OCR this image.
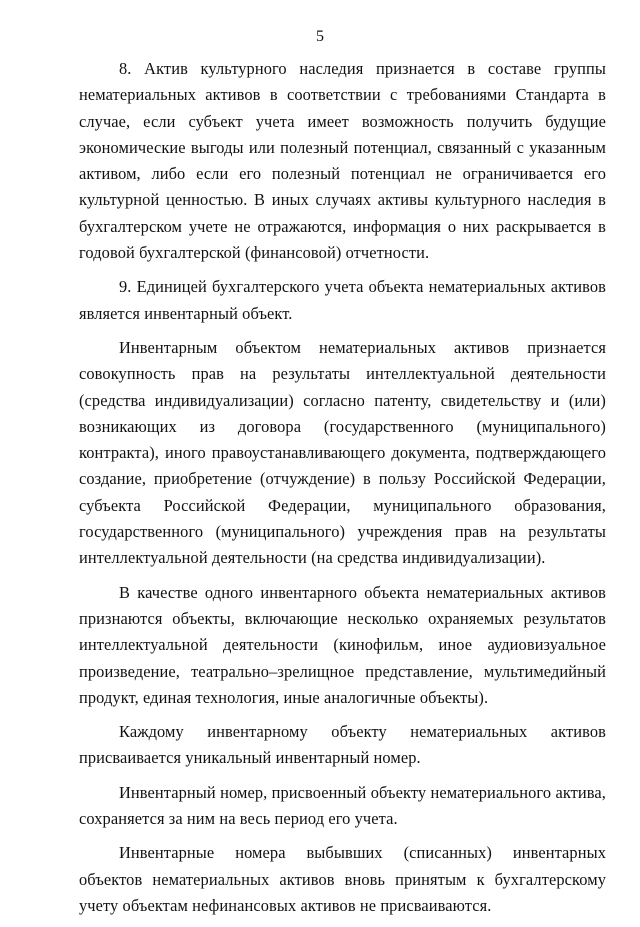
5

8. Актив культурного наследия признается в составе группы нематериальных активов в соответствии с требованиями Стандарта в случае, если субъект учета имеет возможность получить будущие экономические выгоды или полезный потенциал, связанный с указанным активом, либо если его полезный потенциал не ограничивается его культурной ценностью. В иных случаях активы культурного наследия в бухгалтерском учете не отражаются, информация о них раскрывается в годовой бухгалтерской (финансовой) отчетности.

9. Единицей бухгалтерского учета объекта нематериальных активов является инвентарный объект.

Инвентарным объектом нематериальных активов признается совокупность прав на результаты интеллектуальной деятельности (средства индивидуализации) согласно патенту, свидетельству и (или) возникающих из договора (государственного (муниципального) контракта), иного правоустанавливающего документа, подтверждающего создание, приобретение (отчуждение) в пользу Российской Федерации, субъекта Российской Федерации, муниципального образования, государственного (муниципального) учреждения прав на результаты интеллектуальной деятельности (на средства индивидуализации).

В качестве одного инвентарного объекта нематериальных активов признаются объекты, включающие несколько охраняемых результатов интеллектуальной деятельности (кинофильм, иное аудиовизуальное произведение, театрально–зрелищное представление, мультимедийный продукт, единая технология, иные аналогичные объекты).

Каждому инвентарному объекту нематериальных активов присваивается уникальный инвентарный номер.

Инвентарный номер, присвоенный объекту нематериального актива, сохраняется за ним на весь период его учета.

Инвентарные номера выбывших (списанных) инвентарных объектов нематериальных активов вновь принятым к бухгалтерскому учету объектам нефинансовых активов не присваиваются.
